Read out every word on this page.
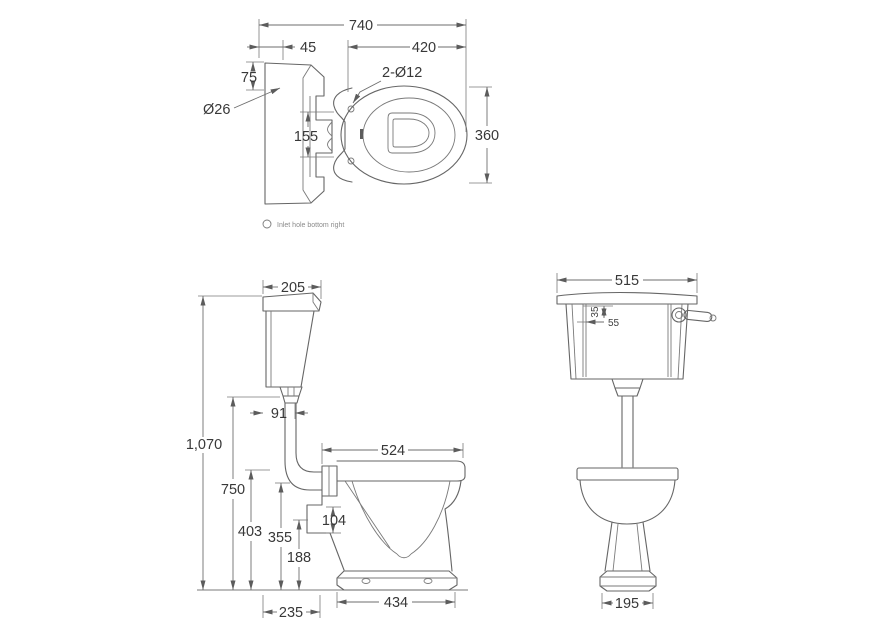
740
45	420
75
Ø26
155
2-Ø12
360
Inlet hole bottom right
205
91
1,070
750
403 355
188
104
524
235
434
35
55
515
195
